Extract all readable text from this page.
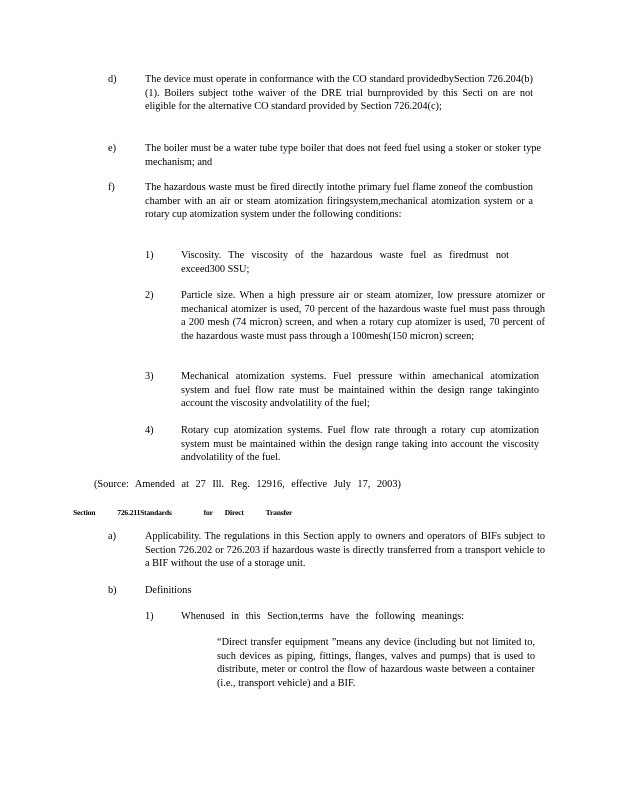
d)	The device must operate in conformance with the CO standard providedbySection 726.204(b)(1). Boilers subject tothe waiver of the DRE trial burnprovided by this Secti on are not eligible for the alternative CO standard provided by Section 726.204(c);
e)	The boiler must be a water tube type boiler that does not feed fuel using a stoker or stoker type mechanism; and
f)	The hazardous waste must be fired directly intothe primary fuel flame zoneof the combustion chamber with an air or steam atomization firingsystem,mechanical atomization system or a rotary cup atomization system under the following conditions:
1)	Viscosity. The viscosity of the hazardous waste fuel as firedmust not exceed300 SSU;
2)	Particle size. When a high pressure air or steam atomizer, low pressure atomizer or mechanical atomizer is used, 70 percent of the hazardous waste fuel must pass through a 200 mesh (74 micron) screen, and when a rotary cup atomizer is used, 70 percent of the hazardous waste must pass through a 100mesh(150 micron) screen;
3)	Mechanical atomization systems. Fuel pressure within amechanical atomization system and fuel flow rate must be maintained within the design range takinginto account the viscosity andvolatility of the fuel;
4)	Rotary cup atomization systems. Fuel flow rate through a rotary cup atomization system must be maintained within the design range taking into account the viscosity andvolatility of the fuel.
(Source: Amended at 27 Ill. Reg. 12916, effective July 17, 2003)
Section	726.211Standards	for Direct	Transfer
a)	Applicability. The regulations in this Section apply to owners and operators of BIFs subject to Section 726.202 or 726.203 if hazardous waste is directly transferred from a transport vehicle to a BIF without the use of a storage unit.
b)	Definitions
1)	Whenused in this Section,terms have the following meanings:
“Direct transfer equipment ”means any device (including but not limited to, such devices as piping, fittings, flanges, valves and pumps) that is used to distribute, meter or control the flow of hazardous waste between a container (i.e., transport vehicle) and a BIF.
